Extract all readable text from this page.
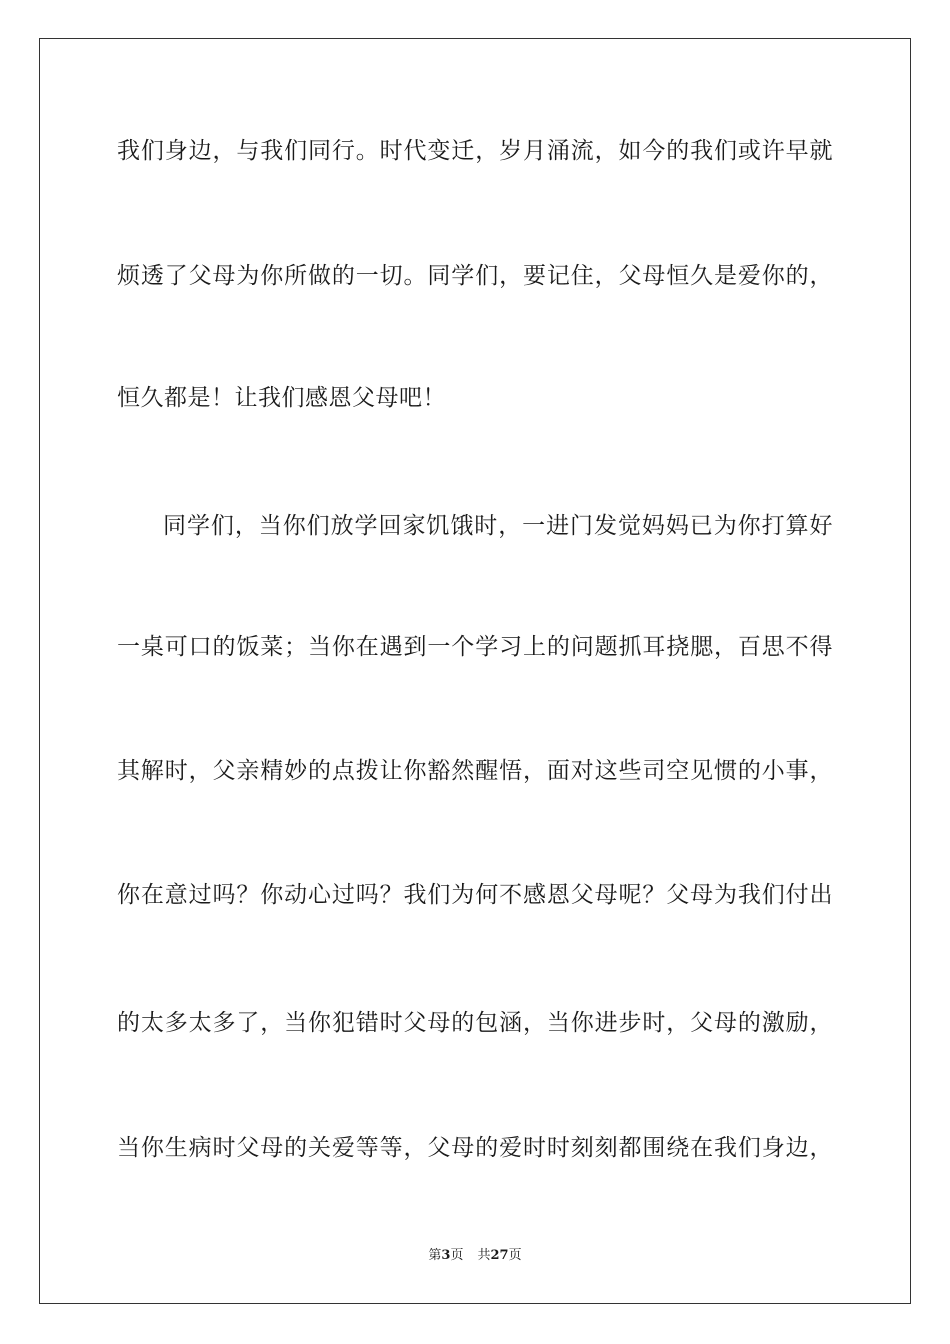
我们身边，与我们同行。时代变迁，岁月涌流，如今的我们或许早就
烦透了父母为你所做的一切。同学们，要记住，父母恒久是爱你的，
恒久都是！让我们感恩父母吧！
同学们，当你们放学回家饥饿时，一进门发觉妈妈已为你打算好
一桌可口的饭菜；当你在遇到一个学习上的问题抓耳挠腮，百思不得
其解时，父亲精妙的点拨让你豁然醒悟，面对这些司空见惯的小事，
你在意过吗？你动心过吗？我们为何不感恩父母呢？父母为我们付出
的太多太多了，当你犯错时父母的包涵，当你进步时，父母的激励，
当你生病时父母的关爱等等，父母的爱时时刻刻都围绕在我们身边，
第3页 共27页
